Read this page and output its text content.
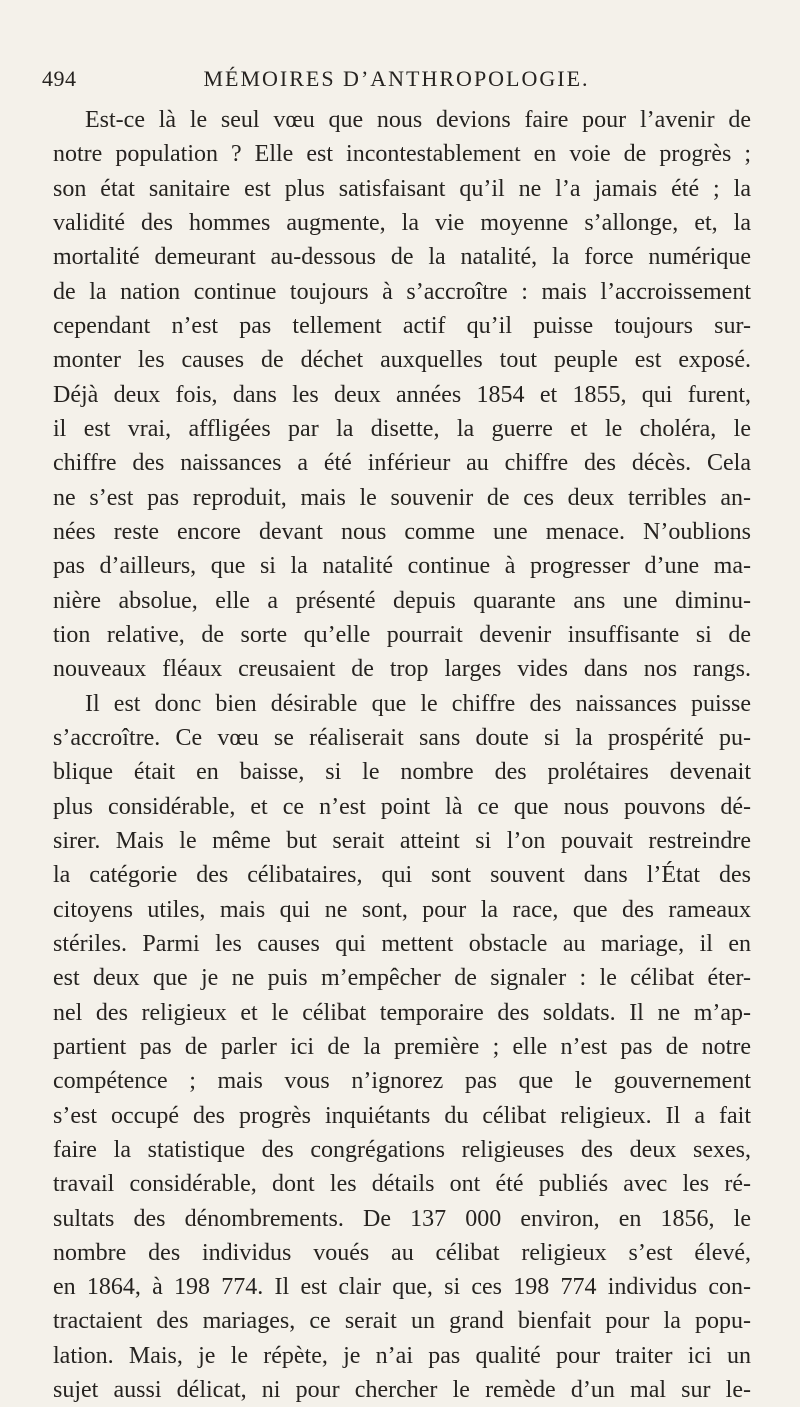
494	MÉMOIRES D’ANTHROPOLOGIE.
Est-ce là le seul vœu que nous devions faire pour l’avenir de
notre population ? Elle est incontestablement en voie de progrès ;
son état sanitaire est plus satisfaisant qu’il ne l’a jamais été ; la
validité des hommes augmente, la vie moyenne s’allonge, et, la
mortalité demeurant au-dessous de la natalité, la force numérique
de la nation continue toujours à s’accroître : mais l’accroissement
cependant n’est pas tellement actif qu’il puisse toujours sur-
monter les causes de déchet auxquelles tout peuple est exposé.
Déjà deux fois, dans les deux années 1854 et 1855, qui furent,
il est vrai, affligées par la disette, la guerre et le choléra, le
chiffre des naissances a été inférieur au chiffre des décès. Cela
ne s’est pas reproduit, mais le souvenir de ces deux terribles an-
nées reste encore devant nous comme une menace. N’oublions
pas d’ailleurs, que si la natalité continue à progresser d’une ma-
nière absolue, elle a présenté depuis quarante ans une diminu-
tion relative, de sorte qu’elle pourrait devenir insuffisante si de
nouveaux fléaux creusaient de trop larges vides dans nos rangs.
Il est donc bien désirable que le chiffre des naissances puisse
s’accroître. Ce vœu se réaliserait sans doute si la prospérité pu-
blique était en baisse, si le nombre des prolétaires devenait
plus considérable, et ce n’est point là ce que nous pouvons dé-
sirer. Mais le même but serait atteint si l’on pouvait restreindre
la catégorie des célibataires, qui sont souvent dans l’État des
citoyens utiles, mais qui ne sont, pour la race, que des rameaux
stériles. Parmi les causes qui mettent obstacle au mariage, il en
est deux que je ne puis m’empêcher de signaler : le célibat éter-
nel des religieux et le célibat temporaire des soldats. Il ne m’ap-
partient pas de parler ici de la première ; elle n’est pas de notre
compétence ; mais vous n’ignorez pas que le gouvernement
s’est occupé des progrès inquiétants du célibat religieux. Il a fait
faire la statistique des congrégations religieuses des deux sexes,
travail considérable, dont les détails ont été publiés avec les ré-
sultats des dénombrements. De 137 000 environ, en 1856, le
nombre des individus voués au célibat religieux s’est élevé,
en 1864, à 198 774. Il est clair que, si ces 198 774 individus con-
tractaient des mariages, ce serait un grand bienfait pour la popu-
lation. Mais, je le répète, je n’ai pas qualité pour traiter ici un
sujet aussi délicat, ni pour chercher le remède d’un mal sur le-
